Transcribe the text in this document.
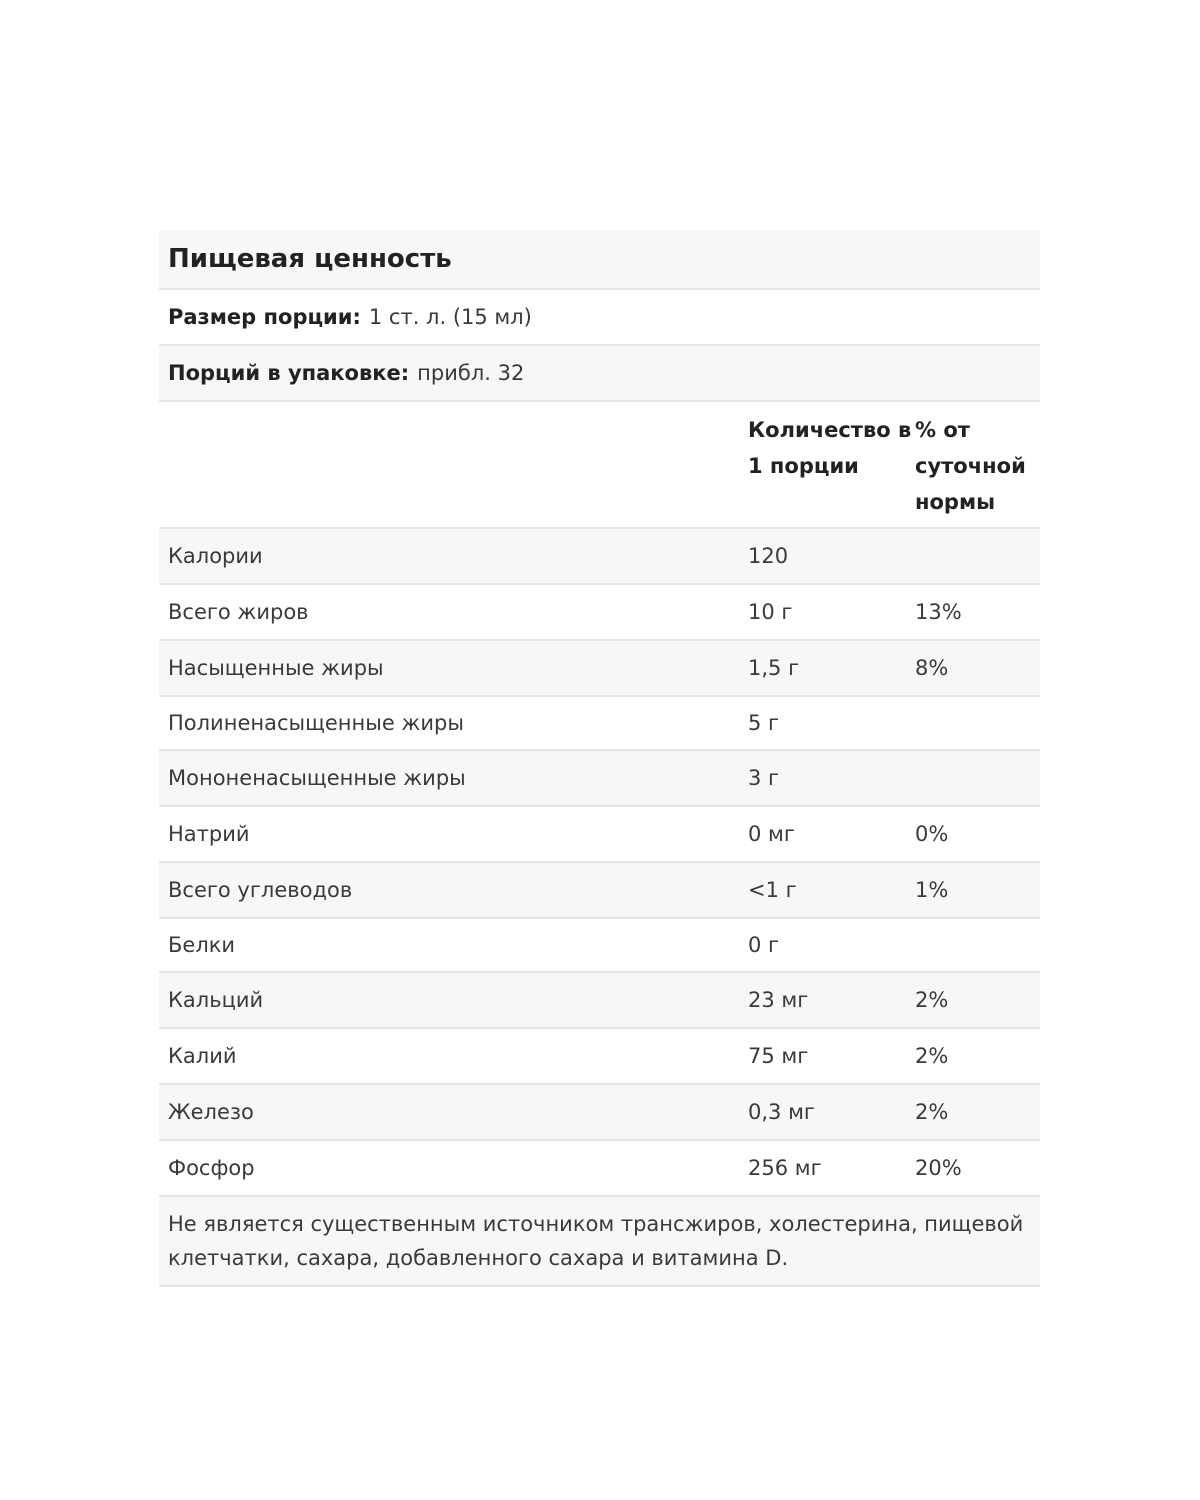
Пищевая ценность
Размер порции: 1 ст. л. (15 мл)
Порций в упаковке: прибл. 32
Количество в 1 порции
% от суточной нормы
Калории	120
Всего жиров	10 г	13%
Насыщенные жиры	1,5 г	8%
Полиненасыщенные жиры	5 г
Мононенасыщенные жиры	3 г
Натрий	0 мг	0%
Всего углеводов	<1 г	1%
Белки	0 г
Кальций	23 мг	2%
Калий	75 мг	2%
Железо	0,3 мг	2%
Фосфор	256 мг	20%
Не является существенным источником трансжиров, холестерина, пищевой клетчатки, сахара, добавленного сахара и витамина D.
